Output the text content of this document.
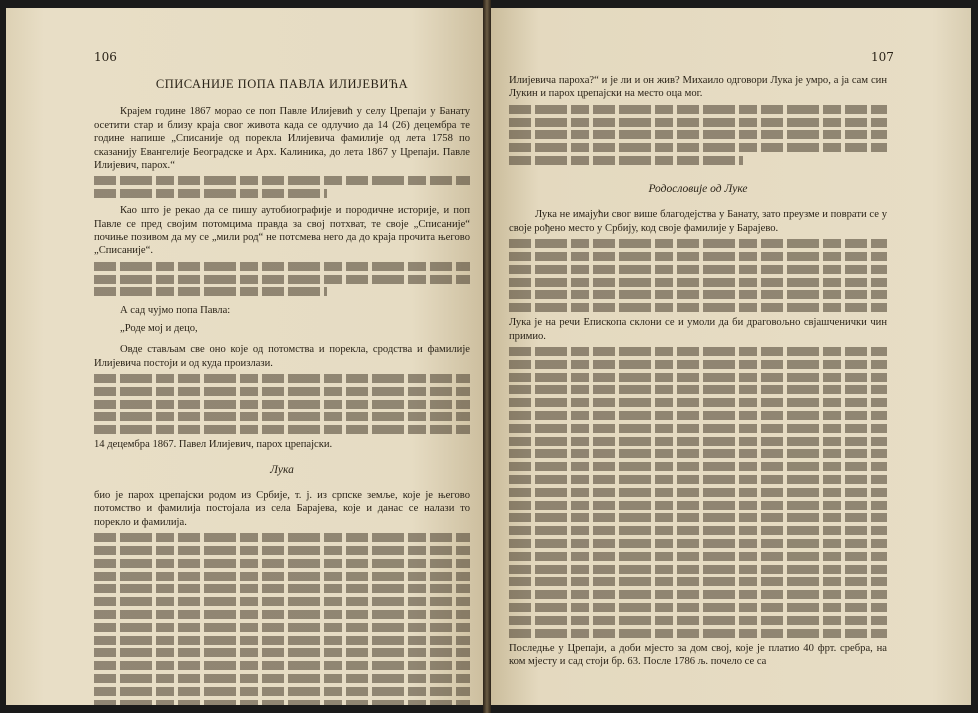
106
СПИСАНИЈЕ ПОПА ПАВЛА ИЛИЈЕВИЋА

Крајем године 1867 морао се поп Павле Илијевић у селу Црепаји у Банату осетити стар и близу краја свог живота када се одлучио да 14 (26) децембра те године напише „Списаније од порекла Илијевича фамилије од лета 1758 по сказанију Евангелије Београдске и Арх. Калиника, до лета 1867 у Црепаји. Павле Илијевич, парох.“

Као што је рекао да се пишу аутобиографије и породичне историје, и поп Павле се пред својим потомцима правда за свој потхват, те своје „Списаније“ почиње позивом да му се „мили род“ не потсмева него да до краја прочита његово „Списаније“.

А сад чујмо попа Павла:

„Роде мој и децо,

Овде стављам све оно које од потомства и порекла, сродства и фамилије Илијевича постоји и од куда произлази.

14 децембра 1867. Павел Илијевич, парох црепајски.

Лука

био је парох црепајски родом из Србије, т. ј. из српске земље, које је његово потомство и фамилија постојала из села Барајева, које и данас се налази то порекло и фамилија.

107

Илијевича пароха?“ и је ли и он жив? Михаило одговори Лука је умро, а ја сам син Лукин и парох црепајски на место оца мог.

Родословије од Луке

Лука не имајући свог више благодејства у Банату, зато преузме и поврати се у своје рођено место у Србију, код своје фамилије у Барајево.

Лука је на речи Епископа склони се и умоли да би драговољно свјашченички чин примио.

Последње у Црепаји, а доби мјесто за дом свој, које је платио 40 фрт. сребра, на ком мјесту и сад стоји бр. 63. После 1786 љ. почело се са
